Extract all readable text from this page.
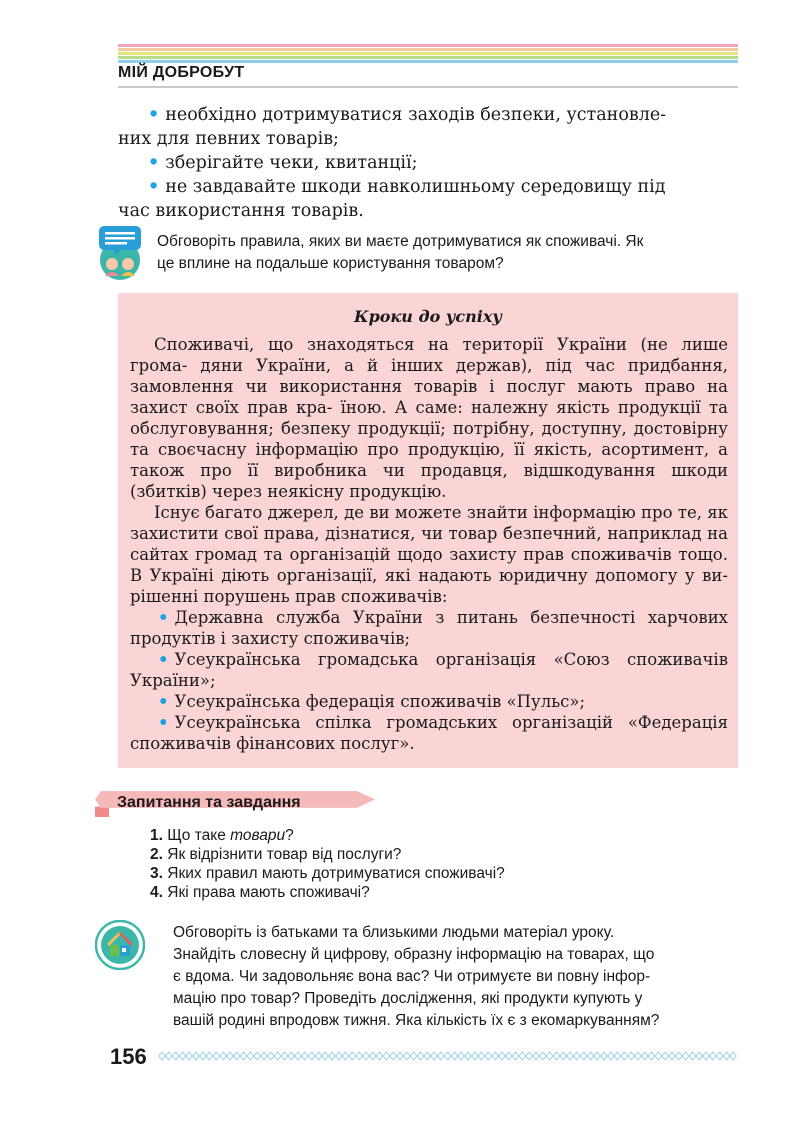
МІЙ ДОБРОБУТ
• необхідно дотримуватися заходів безпеки, установле-
них для певних товарів;
• зберігайте чеки, квитанції;
• не завдавайте шкоди навколишньому середовищу під
час використання товарів.
Обговоріть правила, яких ви маєте дотримуватися як споживачі. Як
це вплине на подальше користування товаром?
Кроки до успіху

Споживачі, що знаходяться на території України (не лише грома- дяни України, а й інших держав), під час придбання, замовлення чи використання товарів і послуг мають право на захист своїх прав кра- їною. А саме: належну якість продукції та обслуговування; безпеку продукції; потрібну, доступну, достовірну та своєчасну інформацію про продукцію, її якість, асортимент, а також про її виробника чи продавця, відшкодування шкоди (збитків) через неякісну продукцію.

Існує багато джерел, де ви можете знайти інформацію про те, як захистити свої права, дізнатися, чи товар безпечний, наприклад на сайтах громад та організацій щодо захисту прав споживачів тощо. В Україні діють організації, які надають юридичну допомогу у ви- рішенні порушень прав споживачів:

• Державна служба України з питань безпечності харчових продуктів і захисту споживачів;

• Усеукраїнська громадська організація «Союз споживачів України»;

• Усеукраїнська федерація споживачів «Пульс»;

• Усеукраїнська спілка громадських організацій «Федерація споживачів фінансових послуг».

Запитання та завдання
1. Що таке товари?
2. Як відрізнити товар від послуги?
3. Яких правил мають дотримуватися споживачі?
4. Які права мають споживачі?
Обговоріть із батьками та близькими людьми матеріал уроку.
Знайдіть словесну й цифрову, образну інформацію на товарах, що
є вдома. Чи задовольняє вона вас? Чи отримуєте ви повну інфор-
мацію про товар? Проведіть дослідження, які продукти купують у
вашій родині впродовж тижня. Яка кількість їх є з екомаркуванням?
156
